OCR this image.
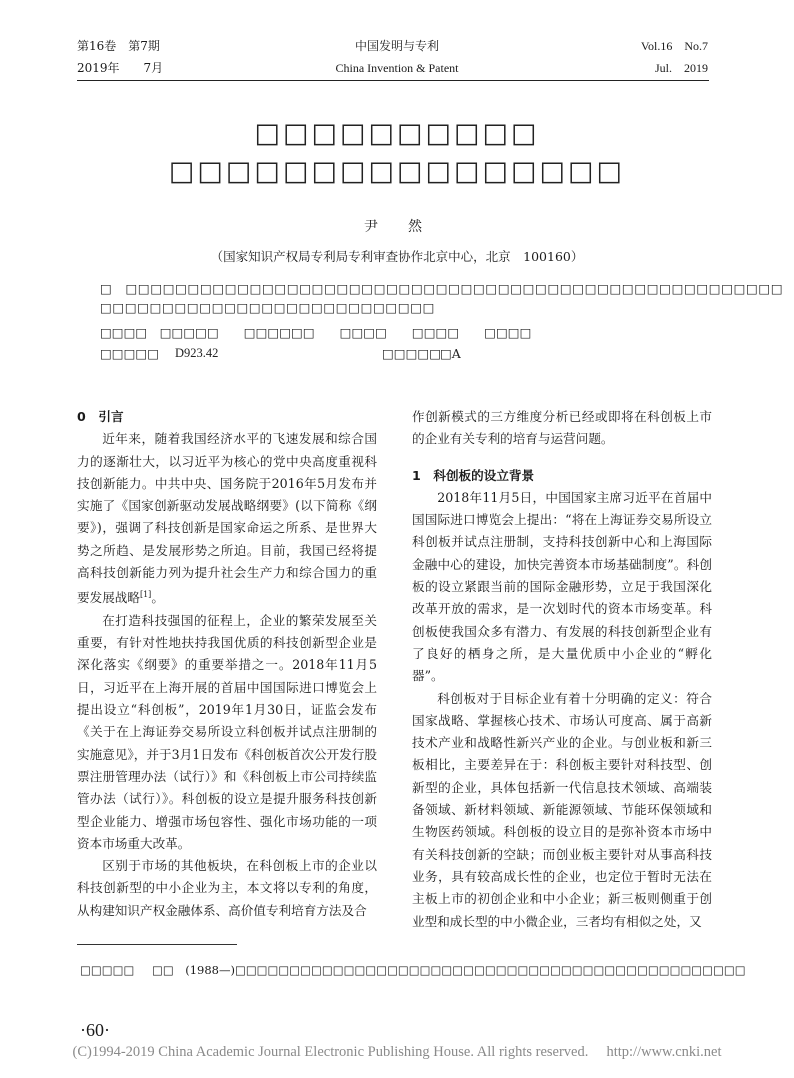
第16卷　第7期
2019年　　7月
中国发明与专利
China Invention & Patent
Vol.16　No.7
Jul.　2019
□□□□□□□□□□
□□□□□□□□□□□□□□□□
尹　然
（国家知识产权局专利局专利审查协作北京中心，北京　100160）
□　□□□□□□□□□□□□□□□□□□□□□□□□□□□□□□□□□□□□□□□□□□□□□□□□□□□□□
□□□□□□□□□□□□□□□□□□□□□□□□□□□
□□□□　□□□□□　　□□□□□□　　□□□□　　□□□□　　□□□□
□□□□□ D923.42	□□□□□
□A

0　引言

近年来，随着我国经济水平的飞速发展和综合国力的逐渐壮大，以习近平为核心的党中央高度重视科技创新能力。中共中央、国务院于2016年5月发布并实施了《国家创新驱动发展战略纲要》(以下简称《纲要》)，强调了科技创新是国家命运之所系、是世界大势之所趋、是发展形势之所迫。目前，我国已经将提高科技创新能力列为提升社会生产力和综合国力的重要发展战略[1]。

在打造科技强国的征程上，企业的繁荣发展至关重要，有针对性地扶持我国优质的科技创新型企业是深化落实《纲要》的重要举措之一。2018年11月5日，习近平在上海开展的首届中国国际进口博览会上提出设立“科创板”，2019年1月30日，证监会发布《关于在上海证券交易所设立科创板并试点注册制的实施意见》，并于3月1日发布《科创板首次公开发行股票注册管理办法（试行）》和《科创板上市公司持续监管办法（试行）》。科创板的设立是提升服务科技创新型企业能力、增强市场包容性、强化市场功能的一项资本市场重大改革。

区别于市场的其他板块，在科创板上市的企业以科技创新型的中小企业为主，本文将以专利的角度，从构建知识产权金融体系、高价值专利培育方法及合

作创新模式的三方维度分析已经或即将在科创板上市的企业有关专利的培育与运营问题。

1　科创板的设立背景

2018年11月5日，中国国家主席习近平在首届中国国际进口博览会上提出：“将在上海证券交易所设立科创板并试点注册制，支持科技创新中心和上海国际金融中心的建设，加快完善资本市场基础制度”。科创板的设立紧跟当前的国际金融形势，立足于我国深化改革开放的需求，是一次划时代的资本市场变革。科创板使我国众多有潜力、有发展的科技创新型企业有了良好的栖身之所，是大量优质中小企业的“孵化器”。

科创板对于目标企业有着十分明确的定义：符合国家战略、掌握核心技术、市场认可度高、属于高新技术产业和战略性新兴产业的企业。与创业板和新三板相比，主要差异在于：科创板主要针对科技型、创新型的企业，具体包括新一代信息技术领域、高端装备领域、新材料领域、新能源领域、节能环保领域和生物医药领域。科创板的设立目的是弥补资本市场中有关科技创新的空缺；而创业板主要针对从事高科技业务，具有较高成长性的企业，也定位于暂时无法在主板上市的初创企业和中小企业；新三板则侧重于创业型和成长型的中小微企业，三者均有相似之处，又

□□□□□ □□　(1988—)□□□□□□□□□□□□□□□□□□□□□□□□□□□□□□□□□□□□□□□□□□□□□□□
·60·
(C)1994-2019 China Academic Journal Electronic Publishing House. All rights reserved.　 http://www.cnki.net
